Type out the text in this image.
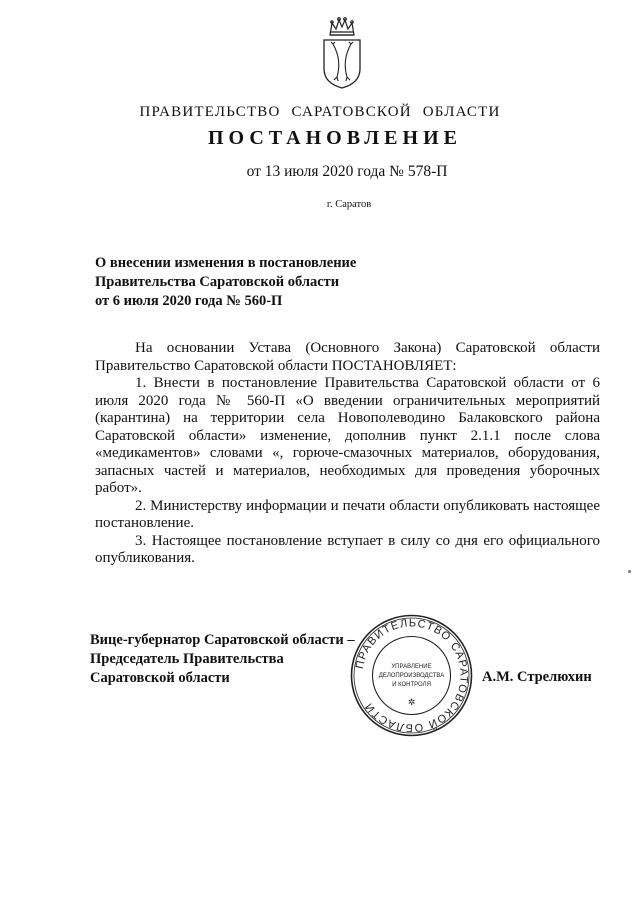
ПРАВИТЕЛЬСТВО САРАТОВСКОЙ ОБЛАСТИ
ПОСТАНОВЛЕНИЕ
от 13 июля 2020 года № 578-П
г. Саратов
О внесении изменения в постановление
Правительства Саратовской области
от 6 июля 2020 года № 560-П

На основании Устава (Основного Закона) Саратовской области Правительство Саратовской области ПОСТАНОВЛЯЕТ:

1. Внести в постановление Правительства Саратовской области от 6 июля 2020 года № 560-П «О введении ограничительных мероприятий (карантина) на территории села Новополеводино Балаковского района Саратовской области» изменение, дополнив пункт 2.1.1 после слова «медикаментов» словами «, горюче-смазочных материалов, оборудования, запасных частей и материалов, необходимых для проведения уборочных работ».

2. Министерству информации и печати области опубликовать настоящее постановление.

3. Настоящее постановление вступает в силу со дня его официального опубликования.

Вице-губернатор Саратовской области –
Председатель Правительства
Саратовской области
ПРАВИТЕЛЬСТВО САРАТОВСКОЙ ОБЛАСТИ
УПРАВЛЕНИЕ
ДЕЛОПРОИЗВОДСТВА
И КОНТРОЛЯ
✲
А.М. Стрелюхин
